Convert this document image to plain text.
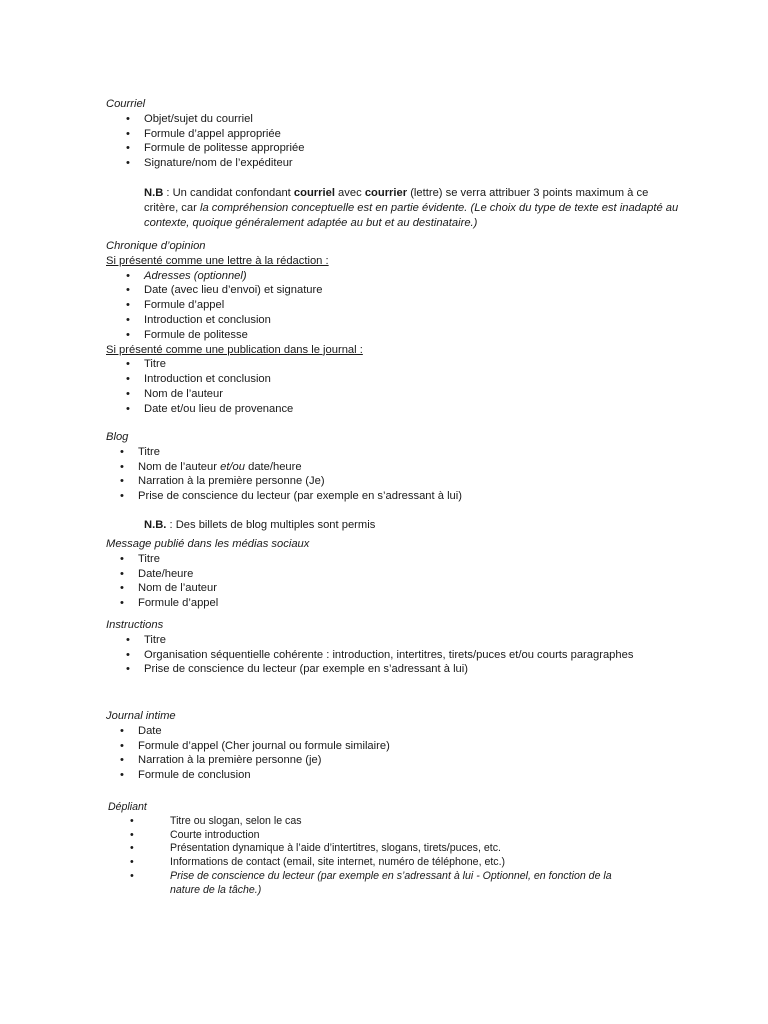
Courriel

• Objet/sujet du courriel
• Formule d’appel appropriée
• Formule de politesse appropriée
• Signature/nom de l’expéditeur

N.B : Un candidat confondant courriel avec courrier (lettre) se verra attribuer 3 points maximum à ce critère, car la compréhension conceptuelle est en partie évidente. (Le choix du type de texte est inadapté au contexte, quoique généralement adaptée au but et au destinataire.)

Chronique d’opinion

Si présenté comme une lettre à la rédaction :

• Adresses (optionnel)
• Date (avec lieu d’envoi) et signature
• Formule d’appel
• Introduction et conclusion
• Formule de politesse

Si présenté comme une publication dans le journal :

• Titre
• Introduction et conclusion
• Nom de l’auteur
• Date et/ou lieu de provenance

Blog

• Titre
• Nom de l’auteur et/ou date/heure
• Narration à la première personne (Je)
• Prise de conscience du lecteur (par exemple en s’adressant à lui)

N.B. : Des billets de blog multiples sont permis

Message publié dans les médias sociaux

• Titre
• Date/heure
• Nom de l’auteur
• Formule d’appel

Instructions

• Titre
• Organisation séquentielle cohérente : introduction, intertitres, tirets/puces et/ou courts paragraphes
• Prise de conscience du lecteur (par exemple en s’adressant à lui)

Journal intime

• Date
• Formule d’appel (Cher journal ou formule similaire)
• Narration à la première personne (je)
• Formule de conclusion

Dépliant

•	Titre ou slogan, selon le cas
•	Courte introduction
•	Présentation dynamique à l’aide d’intertitres, slogans, tirets/puces, etc.
•	Informations de contact (email, site internet, numéro de téléphone, etc.)
•	Prise de conscience du lecteur (par exemple en s’adressant à lui - Optionnel, en fonction de la nature de la tâche.)
